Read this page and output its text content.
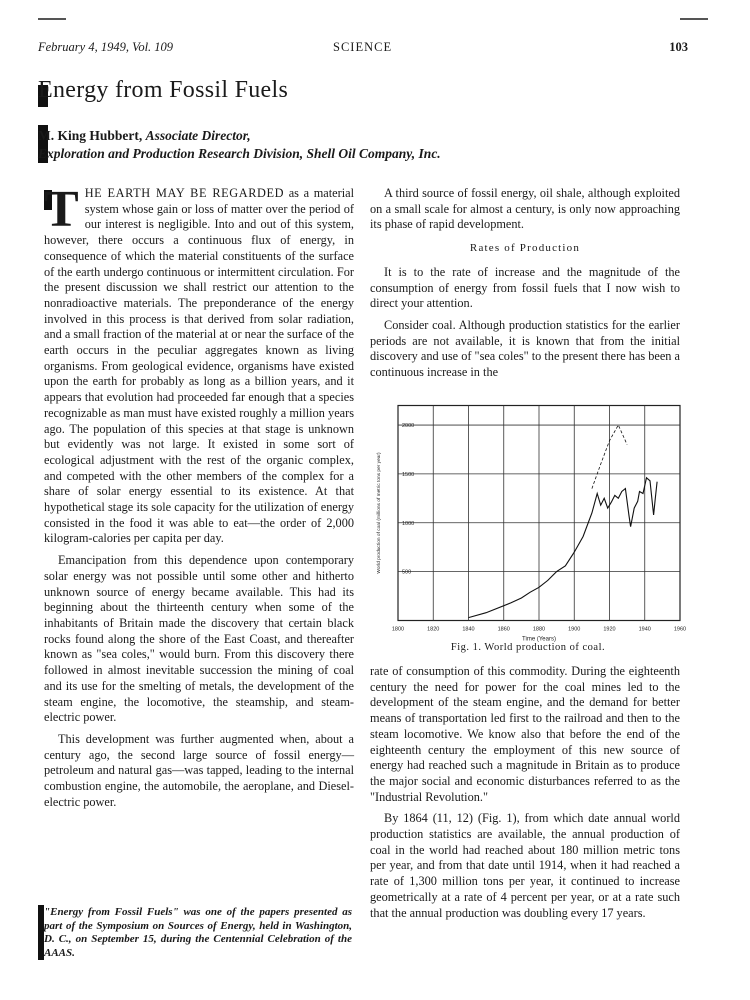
February 4, 1949, Vol. 109	SCIENCE	103
Energy from Fossil Fuels
M. King Hubbert, Associate Director,
Exploration and Production Research Division, Shell Oil Company, Inc.

THE EARTH MAY BE REGARDED as a material system whose gain or loss of matter over the period of our interest is negligible. Into and out of this system, however, there occurs a continuous flux of energy, in consequence of which the material constituents of the surface of the earth undergo continuous or intermittent circulation. For the present discussion we shall restrict our attention to the nonradioactive materials. The preponderance of the energy involved in this process is that derived from solar radiation, and a small fraction of the material at or near the surface of the earth occurs in the peculiar aggregates known as living organisms. From geological evidence, organisms have existed upon the earth for probably as long as a billion years, and it appears that evolution had proceeded far enough that a species recognizable as man must have existed roughly a million years ago. The population of this species at that stage is unknown but evidently was not large. It existed in some sort of ecological adjustment with the rest of the organic complex, and competed with the other members of the complex for a share of solar energy essential to its existence. At that hypothetical stage its sole capacity for the utilization of energy consisted in the food it was able to eat—the order of 2,000 kilogram-calories per capita per day.

Emancipation from this dependence upon contemporary solar energy was not possible until some other and hitherto unknown source of energy became available. This had its beginning about the thirteenth century when some of the inhabitants of Britain made the discovery that certain black rocks found along the shore of the East Coast, and thereafter known as "sea coles," would burn. From this discovery there followed in almost inevitable succession the mining of coal and its use for the smelting of metals, the development of the steam engine, the locomotive, the steamship, and steam-electric power.

This development was further augmented when, about a century ago, the second large source of fossil energy—petroleum and natural gas—was tapped, leading to the internal combustion engine, the automobile, the aeroplane, and Diesel-electric power.

"Energy from Fossil Fuels" was one of the papers presented as part of the Symposium on Sources of Energy, held in Washington, D. C., on September 15, during the Centennial Celebration of the AAAS.

A third source of fossil energy, oil shale, although exploited on a small scale for almost a century, is only now approaching its phase of rapid development.

Rates of Production

It is to the rate of increase and the magnitude of the consumption of energy from fossil fuels that I now wish to direct your attention.

Consider coal. Although production statistics for the earlier periods are not available, it is known that from the initial discovery and use of "sea coles" to the present there has been a continuous increase in the

1800	1820	1840	1860	1880	1900	1920	1940	1960
500
1000
1500
2000
Time (Years)
World production of coal (millions of metric tons per year)
Fig. 1. World production of coal.

rate of consumption of this commodity. During the eighteenth century the need for power for the coal mines led to the development of the steam engine, and the demand for better means of transportation led first to the railroad and then to the steam locomotive. We know also that before the end of the eighteenth century the employment of this new source of energy had reached such a magnitude in Britain as to produce the major social and economic disturbances referred to as the "Industrial Revolution."

By 1864 (11, 12) (Fig. 1), from which date annual world production statistics are available, the annual production of coal in the world had reached about 180 million metric tons per year, and from that date until 1914, when it had reached a rate of 1,300 million tons per year, it continued to increase geometrically at a rate of 4 percent per year, or at a rate such that the annual production was doubling every 17 years.
